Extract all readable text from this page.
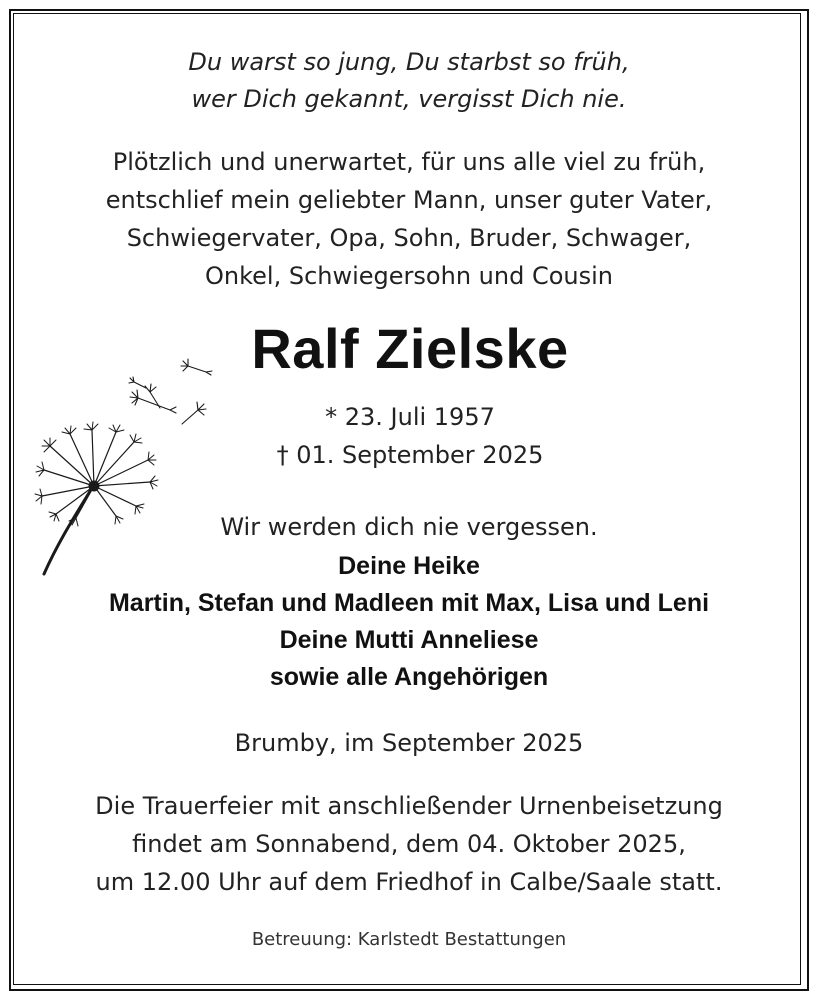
Du warst so jung, Du starbst so früh,
wer Dich gekannt, vergisst Dich nie.
Plötzlich und unerwartet, für uns alle viel zu früh,
entschlief mein geliebter Mann, unser guter Vater,
Schwiegervater, Opa, Sohn, Bruder, Schwager,
Onkel, Schwiegersohn und Cousin
Ralf Zielske
* 23. Juli 1957
† 01. September 2025
Wir werden dich nie vergessen.
Deine Heike
Martin, Stefan und Madleen mit Max, Lisa und Leni
Deine Mutti Anneliese
sowie alle Angehörigen
Brumby, im September 2025
Die Trauerfeier mit anschließender Urnenbeisetzung
findet am Sonnabend, dem 04. Oktober 2025,
um 12.00 Uhr auf dem Friedhof in Calbe/Saale statt.
Betreuung: Karlstedt Bestattungen
